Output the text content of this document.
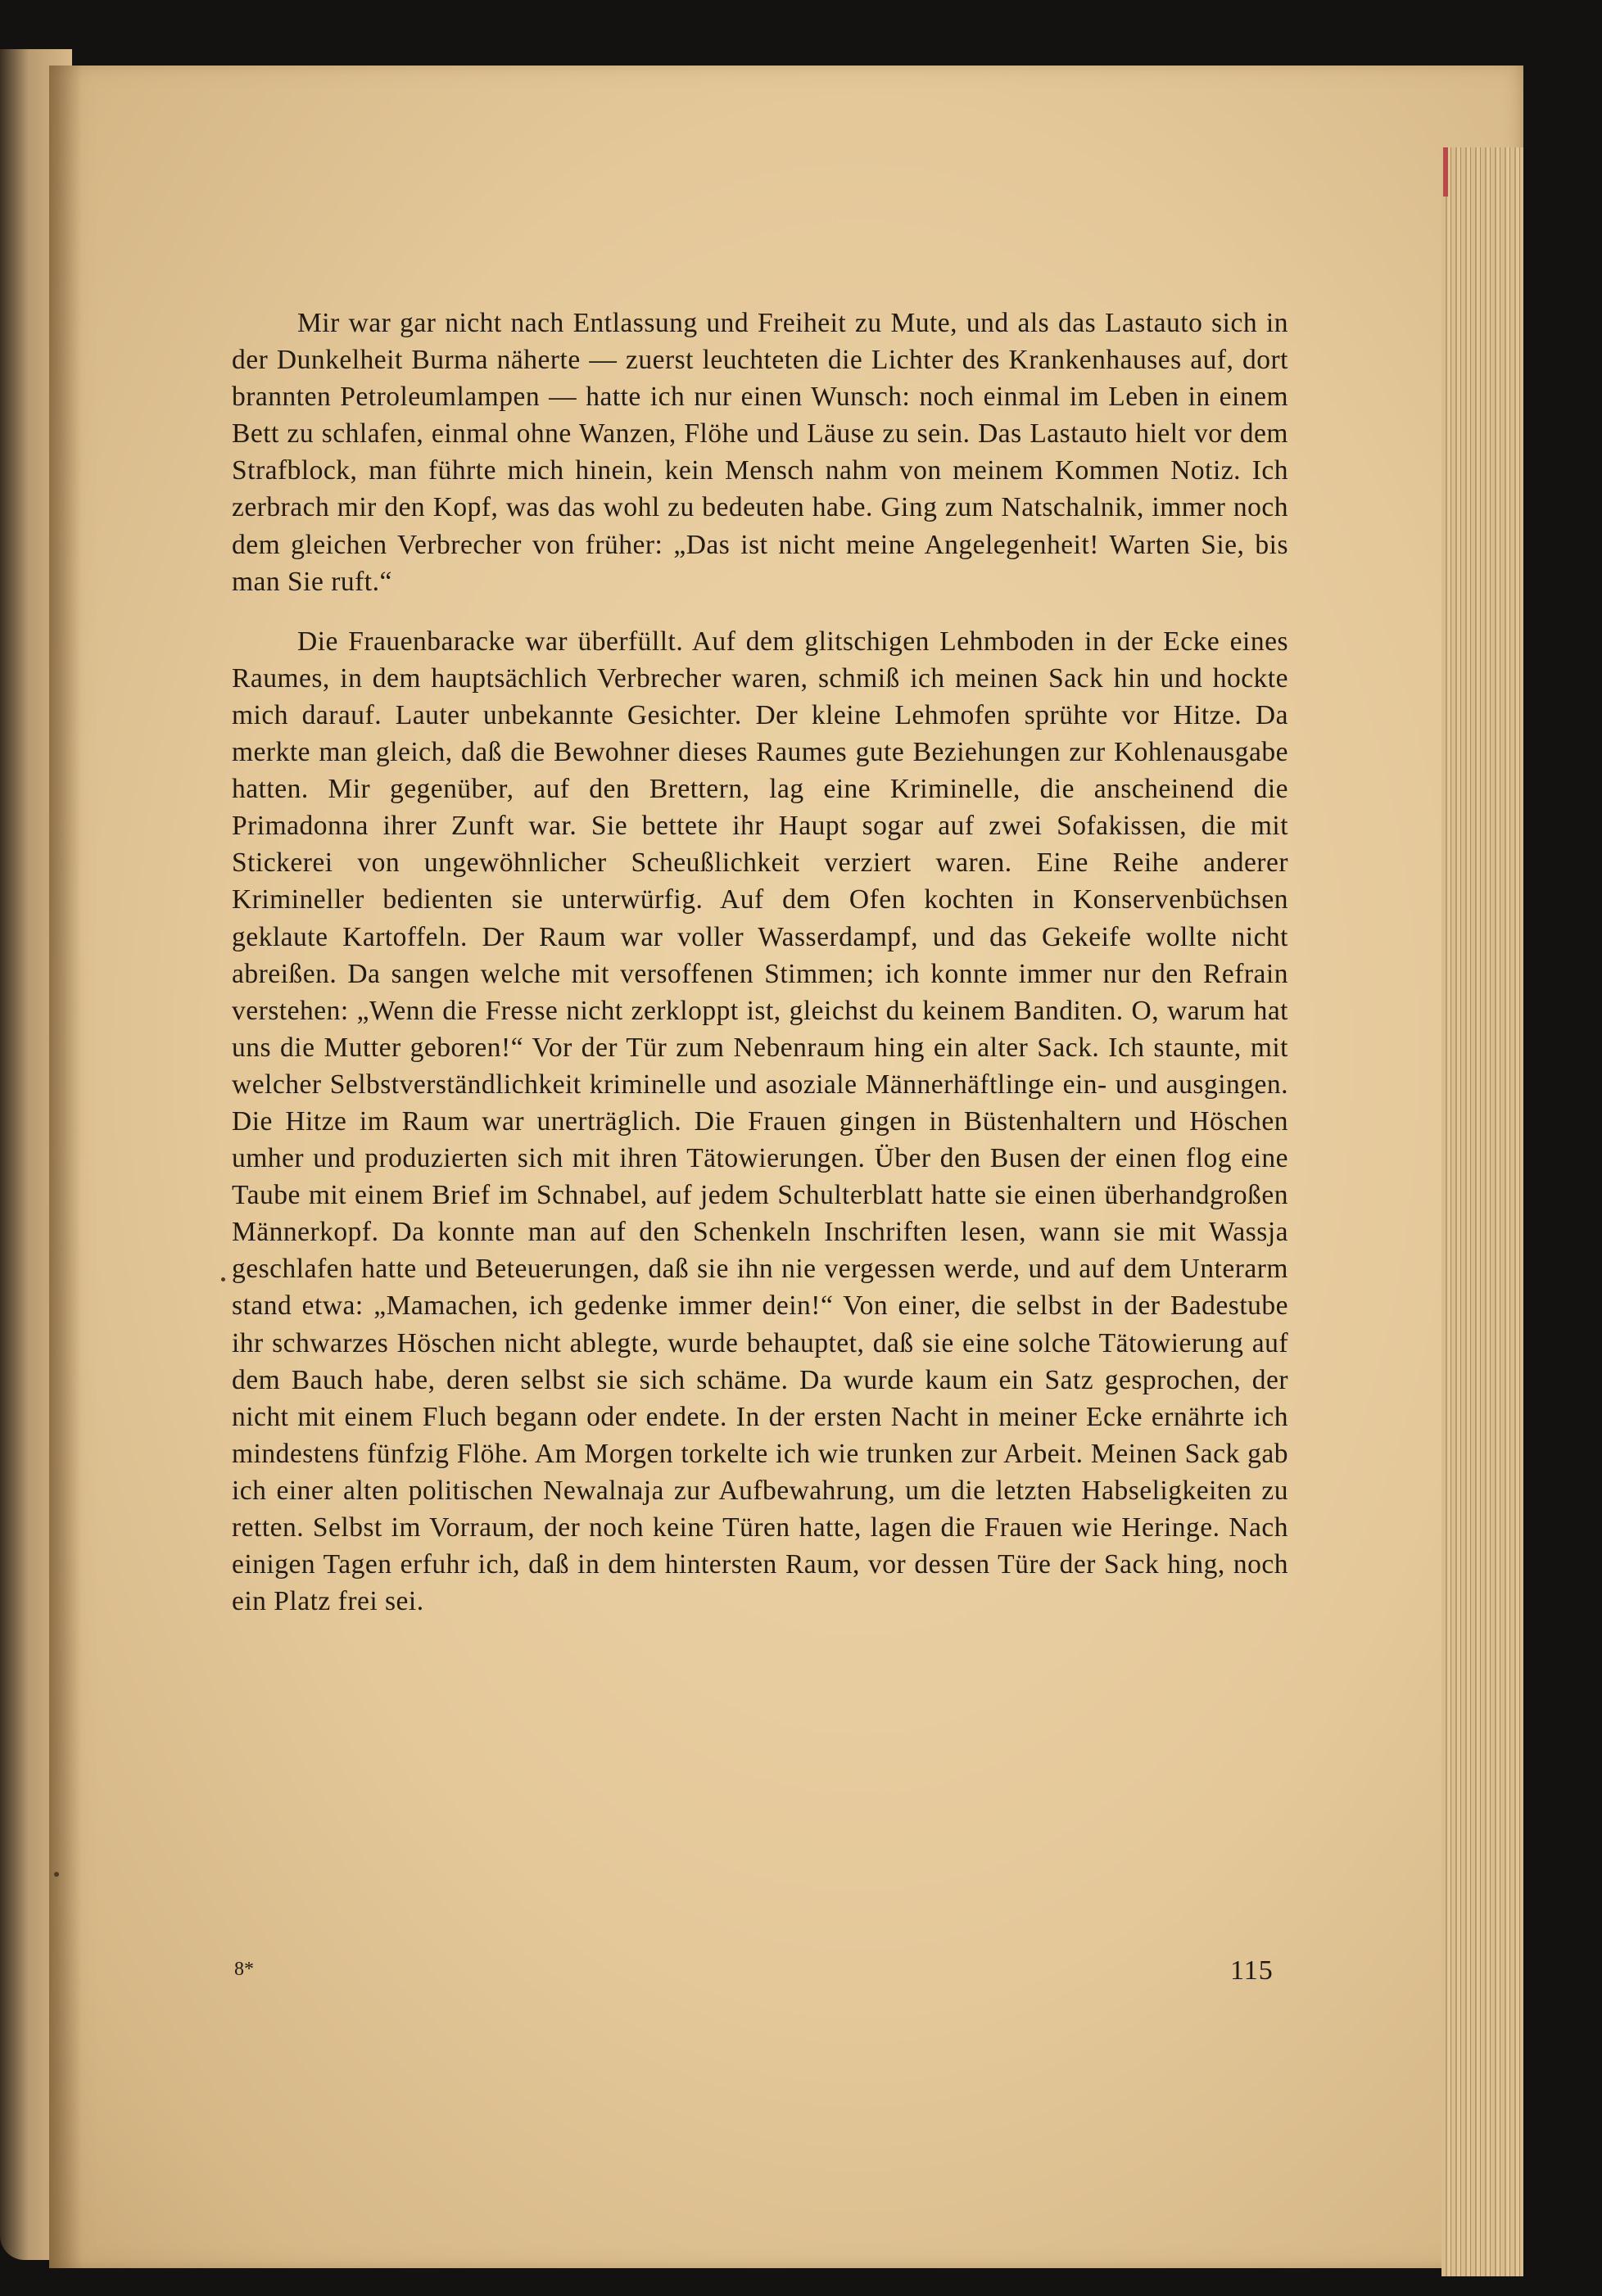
Mir war gar nicht nach Entlassung und Freiheit zu Mute, und als das Lastauto sich in der Dunkelheit Burma näherte — zuerst leuchteten die Lichter des Krankenhauses auf, dort brannten Petroleumlampen — hatte ich nur einen Wunsch: noch einmal im Leben in einem Bett zu schlafen, einmal ohne Wanzen, Flöhe und Läuse zu sein. Das Lastauto hielt vor dem Strafblock, man führte mich hinein, kein Mensch nahm von meinem Kommen Notiz. Ich zerbrach mir den Kopf, was das wohl zu bedeuten habe. Ging zum Natschalnik, immer noch dem gleichen Verbrecher von früher: „Das ist nicht meine Angelegenheit! Warten Sie, bis man Sie ruft.“

Die Frauenbaracke war überfüllt. Auf dem glitschigen Lehmboden in der Ecke eines Raumes, in dem hauptsächlich Verbrecher waren, schmiß ich meinen Sack hin und hockte mich darauf. Lauter unbekannte Gesichter. Der kleine Lehmofen sprühte vor Hitze. Da merkte man gleich, daß die Bewohner dieses Raumes gute Beziehungen zur Kohlenausgabe hatten. Mir gegenüber, auf den Brettern, lag eine Kriminelle, die anscheinend die Primadonna ihrer Zunft war. Sie bettete ihr Haupt sogar auf zwei Sofakissen, die mit Stickerei von ungewöhnlicher Scheußlichkeit verziert waren. Eine Reihe anderer Krimineller bedienten sie unterwürfig. Auf dem Ofen kochten in Konservenbüchsen geklaute Kartoffeln. Der Raum war voller Wasserdampf, und das Gekeife wollte nicht abreißen. Da sangen welche mit versoffenen Stimmen; ich konnte immer nur den Refrain verstehen: „Wenn die Fresse nicht zerkloppt ist, gleichst du keinem Banditen. O, warum hat uns die Mutter geboren!“ Vor der Tür zum Nebenraum hing ein alter Sack. Ich staunte, mit welcher Selbstverständlichkeit kriminelle und asoziale Männerhäftlinge ein- und ausgingen. Die Hitze im Raum war unerträglich. Die Frauen gingen in Büstenhaltern und Höschen umher und produzierten sich mit ihren Tätowierungen. Über den Busen der einen flog eine Taube mit einem Brief im Schnabel, auf jedem Schulterblatt hatte sie einen überhandgroßen Männerkopf. Da konnte man auf den Schenkeln Inschriften lesen, wann sie mit Wassja geschlafen hatte und Beteuerungen, daß sie ihn nie vergessen werde, und auf dem Unterarm stand etwa: „Mamachen, ich gedenke immer dein!“ Von einer, die selbst in der Badestube ihr schwarzes Höschen nicht ablegte, wurde behauptet, daß sie eine solche Tätowierung auf dem Bauch habe, deren selbst sie sich schäme. Da wurde kaum ein Satz gesprochen, der nicht mit einem Fluch begann oder endete. In der ersten Nacht in meiner Ecke ernährte ich mindestens fünfzig Flöhe. Am Morgen torkelte ich wie trunken zur Arbeit. Meinen Sack gab ich einer alten politischen Newalnaja zur Aufbewahrung, um die letzten Habseligkeiten zu retten. Selbst im Vorraum, der noch keine Türen hatte, lagen die Frauen wie Heringe. Nach einigen Tagen erfuhr ich, daß in dem hintersten Raum, vor dessen Türe der Sack hing, noch ein Platz frei sei.

8*	115
